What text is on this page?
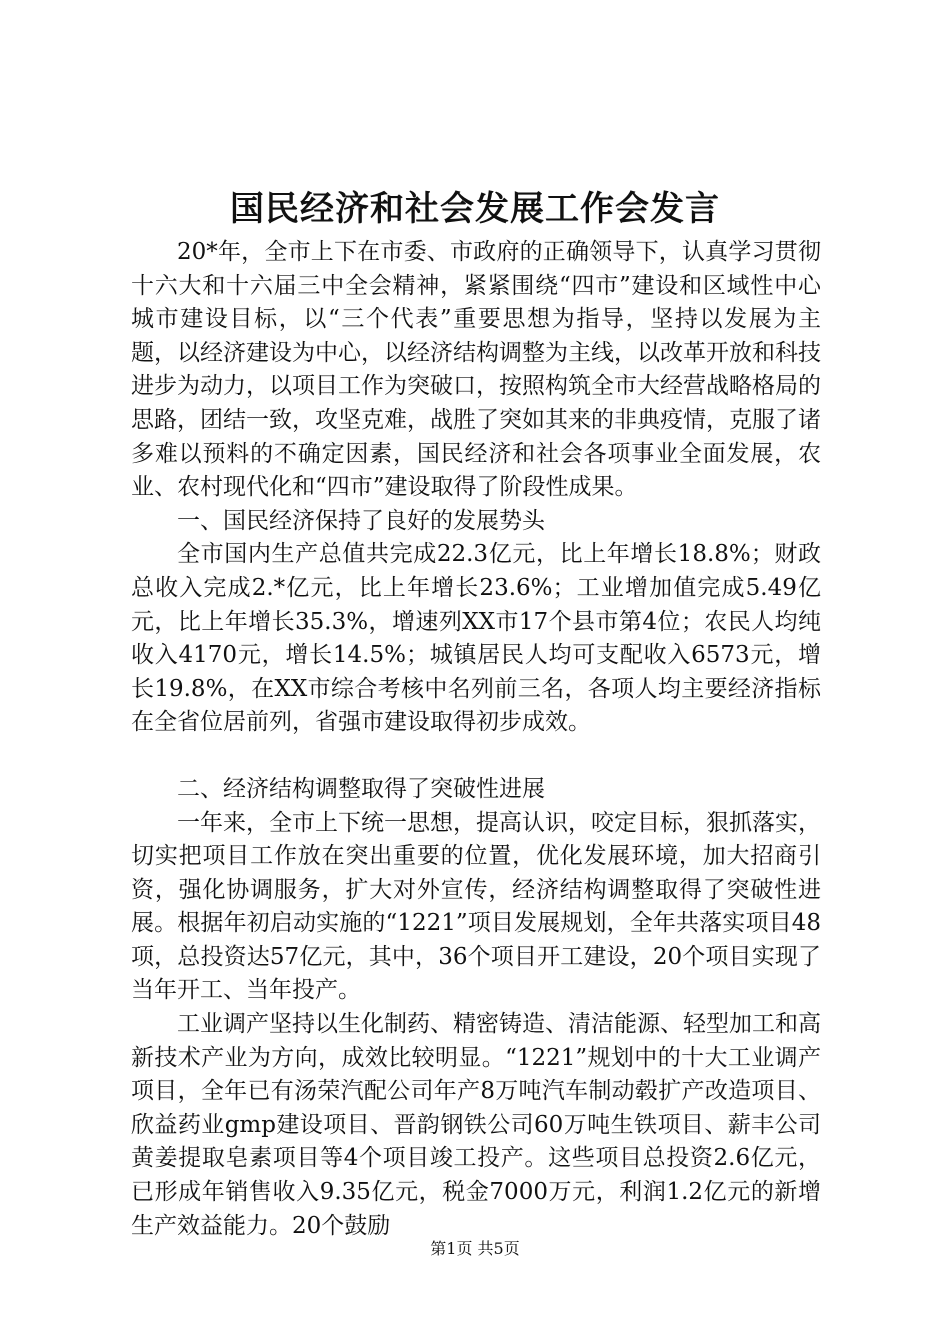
国民经济和社会发展工作会发言

20*年，全市上下在市委、市政府的正确领导下，认真学习贯彻十六大和十六届三中全会精神，紧紧围绕“四市”建设和区域性中心城市建设目标，以“三个代表”重要思想为指导，坚持以发展为主题，以经济建设为中心，以经济结构调整为主线，以改革开放和科技进步为动力，以项目工作为突破口，按照构筑全市大经营战略格局的思路，团结一致，攻坚克难，战胜了突如其来的非典疫情，克服了诸多难以预料的不确定因素，国民经济和社会各项事业全面发展，农业、农村现代化和“四市”建设取得了阶段性成果。

一、国民经济保持了良好的发展势头

全市国内生产总值共完成22.3亿元，比上年增长18.8%；财政总收入完成2.*亿元，比上年增长23.6%；工业增加值完成5.49亿元，比上年增长35.3%，增速列XX市17个县市第4位；农民人均纯收入4170元，增长14.5%；城镇居民人均可支配收入6573元，增长19.8%，在XX市综合考核中名列前三名，各项人均主要经济指标在全省位居前列，省强市建设取得初步成效。

二、经济结构调整取得了突破性进展

一年来，全市上下统一思想，提高认识，咬定目标，狠抓落实，切实把项目工作放在突出重要的位置，优化发展环境，加大招商引资，强化协调服务，扩大对外宣传，经济结构调整取得了突破性进展。根据年初启动实施的“1221”项目发展规划，全年共落实项目48项，总投资达57亿元，其中，36个项目开工建设，20个项目实现了当年开工、当年投产。

工业调产坚持以生化制药、精密铸造、清洁能源、轻型加工和高新技术产业为方向，成效比较明显。“1221”规划中的十大工业调产项目，全年已有汤荣汽配公司年产8万吨汽车制动毂扩产改造项目、欣益药业gmp建设项目、晋韵钢铁公司60万吨生铁项目、薪丰公司黄姜提取皂素项目等4个项目竣工投产。这些项目总投资2.6亿元，已形成年销售收入9.35亿元，税金7000万元，利润1.2亿元的新增生产效益能力。20个鼓励

第1页 共5页
